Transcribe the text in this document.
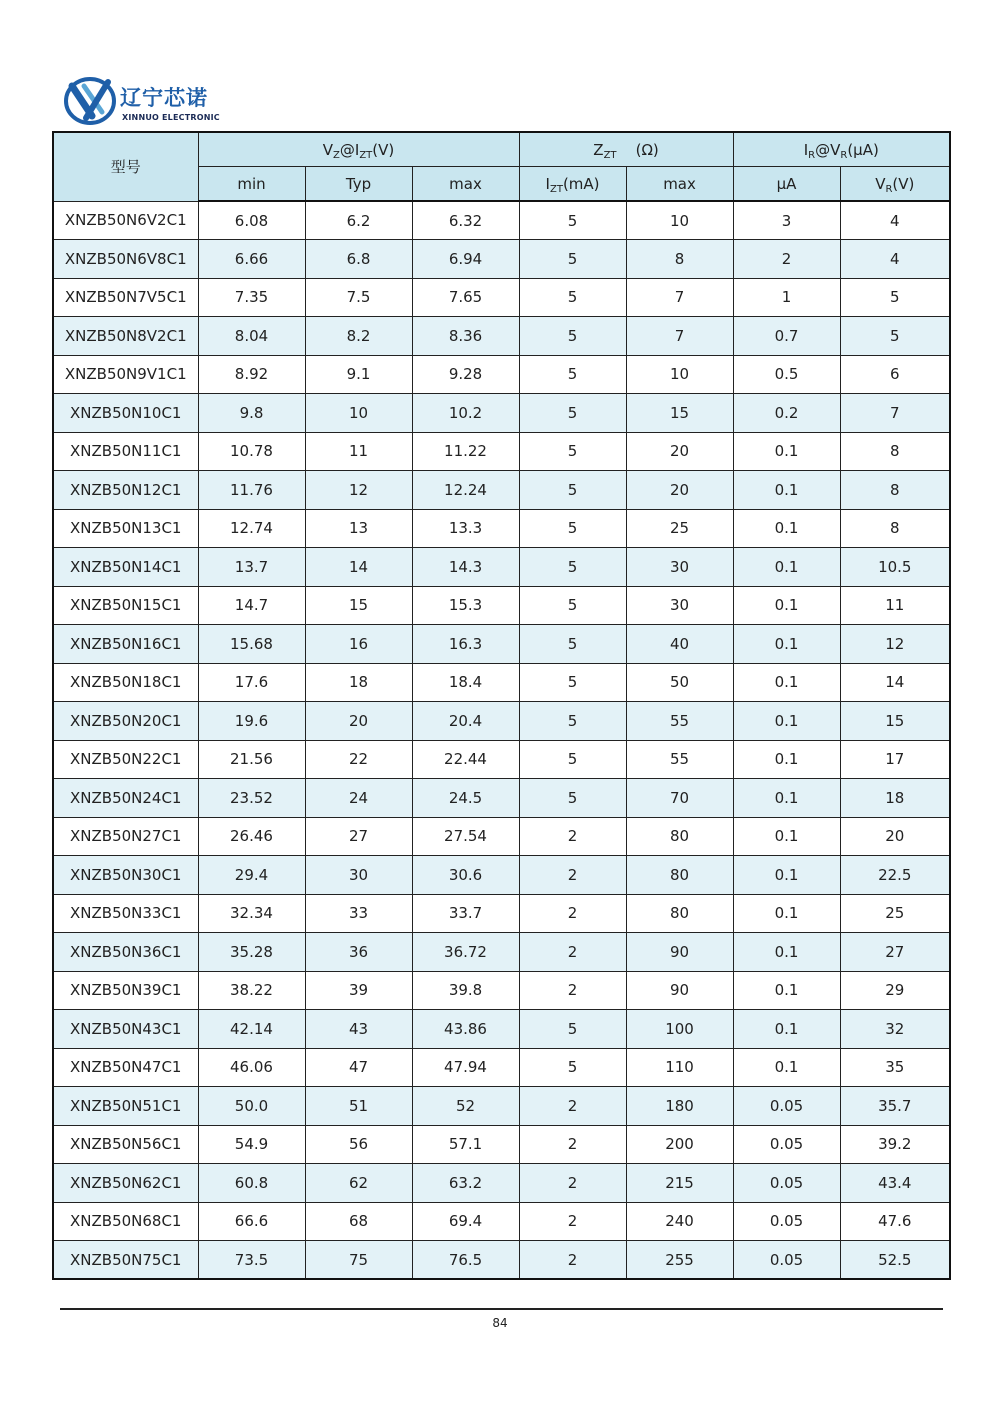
辽宁芯诺
XINNUO ELECTRONIC
型号	$V_Z@I_{ZT}(V)$			$Z_{ZT}$ (Ω)		$I_R@V_R(\mu A)$	
	min	Typ	max	$I_{ZT}(mA)$	max	μA	$V_R(V)$
XNZB50N6V2C1	6.08	6.2	6.32	5	10	3	4
XNZB50N6V8C1	6.66	6.8	6.94	5	8	2	4
XNZB50N7V5C1	7.35	7.5	7.65	5	7	1	5
XNZB50N8V2C1	8.04	8.2	8.36	5	7	0.7	5
XNZB50N9V1C1	8.92	9.1	9.28	5	10	0.5	6
XNZB50N10C1	9.8	10	10.2	5	15	0.2	7
XNZB50N11C1	10.78	11	11.22	5	20	0.1	8
XNZB50N12C1	11.76	12	12.24	5	20	0.1	8
XNZB50N13C1	12.74	13	13.3	5	25	0.1	8
XNZB50N14C1	13.7	14	14.3	5	30	0.1	10.5
XNZB50N15C1	14.7	15	15.3	5	30	0.1	11
XNZB50N16C1	15.68	16	16.3	5	40	0.1	12
XNZB50N18C1	17.6	18	18.4	5	50	0.1	14
XNZB50N20C1	19.6	20	20.4	5	55	0.1	15
XNZB50N22C1	21.56	22	22.44	5	55	0.1	17
XNZB50N24C1	23.52	24	24.5	5	70	0.1	18
XNZB50N27C1	26.46	27	27.54	2	80	0.1	20
XNZB50N30C1	29.4	30	30.6	2	80	0.1	22.5
XNZB50N33C1	32.34	33	33.7	2	80	0.1	25
XNZB50N36C1	35.28	36	36.72	2	90	0.1	27
XNZB50N39C1	38.22	39	39.8	2	90	0.1	29
XNZB50N43C1	42.14	43	43.86	5	100	0.1	32
XNZB50N47C1	46.06	47	47.94	5	110	0.1	35
XNZB50N51C1	50.0	51	52	2	180	0.05	35.7
XNZB50N56C1	54.9	56	57.1	2	200	0.05	39.2
XNZB50N62C1	60.8	62	63.2	2	215	0.05	43.4
XNZB50N68C1	66.6	68	69.4	2	240	0.05	47.6
XNZB50N75C1	73.5	75	76.5	2	255	0.05	52.5
84
